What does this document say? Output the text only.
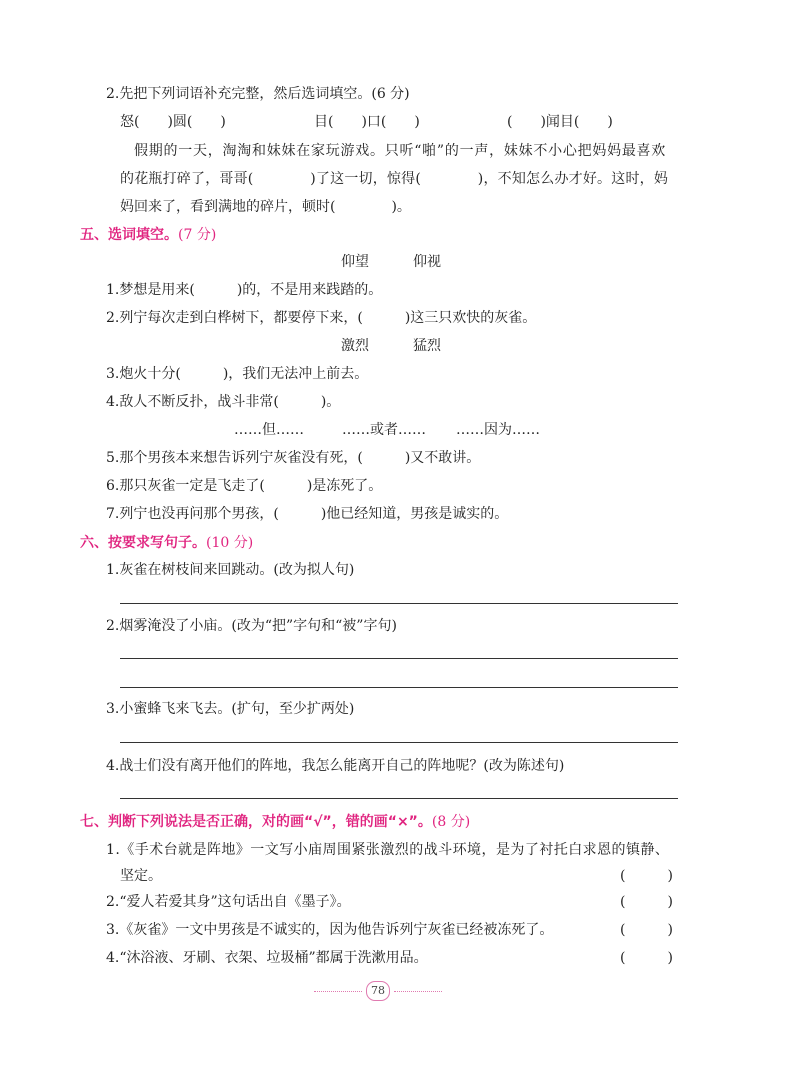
2.先把下列词语补充完整，然后选词填空。(6 分)
怒(　　)圆(　　)	目(　　)口(　　)	(　　)闻目(　　)
假期的一天，淘淘和妹妹在家玩游戏。只听“啪”的一声，妹妹不小心把妈妈最喜欢
的花瓶打碎了，哥哥(　　　　)了这一切，惊得(　　　　)，不知怎么办才好。这时，妈
妈回来了，看到满地的碎片，顿时(　　　　)。
五、选词填空。(7 分)
仰望	仰视
1.梦想是用来(　　　)的，不是用来践踏的。
2.列宁每次走到白桦树下，都要停下来，(　　　)这三只欢快的灰雀。
激烈	猛烈
3.炮火十分(　　　)，我们无法冲上前去。
4.敌人不断反扑，战斗非常(　　　)。
……但……	……或者…… ……因为……
5.那个男孩本来想告诉列宁灰雀没有死，(　　　)又不敢讲。
6.那只灰雀一定是飞走了(　　　)是冻死了。
7.列宁也没再问那个男孩，(　　　)他已经知道，男孩是诚实的。
六、按要求写句子。(10 分)
1.灰雀在树枝间来回跳动。(改为拟人句)
2.烟雾淹没了小庙。(改为“把”字句和“被”字句)
3.小蜜蜂飞来飞去。(扩句，至少扩两处)
4.战士们没有离开他们的阵地，我怎么能离开自己的阵地呢？(改为陈述句)
七、判断下列说法是否正确，对的画“√”，错的画“×”。(8 分)
1.《手术台就是阵地》一文写小庙周围紧张激烈的战斗环境，是为了衬托白求恩的镇静、
坚定。	(　　　)
2.“爱人若爱其身”这句话出自《墨子》。	(　　　)
3.《灰雀》一文中男孩是不诚实的，因为他告诉列宁灰雀已经被冻死了。	(　　　)
4.“沐浴液、牙刷、衣架、垃圾桶”都属于洗漱用品。	(　　　)
78
